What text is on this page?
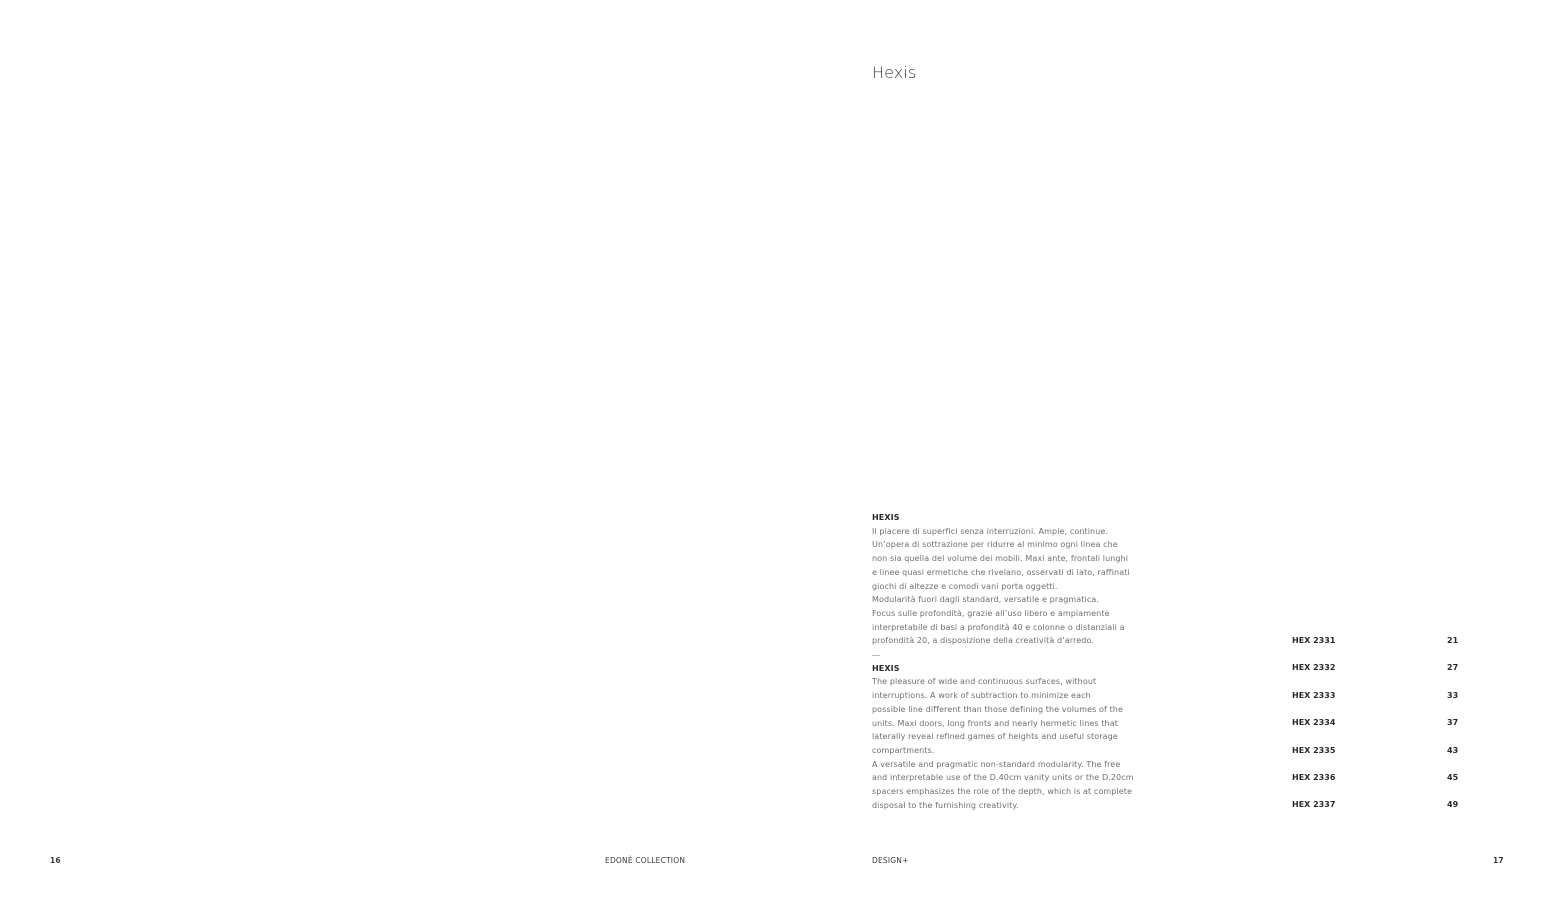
Hexis
HEXIS
Il piacere di superfici senza interruzioni. Ampie, continue.
Un’opera di sottrazione per ridurre al minimo ogni linea che
non sia quella del volume dei mobili. Maxi ante, frontali lunghi
e linee quasi ermetiche che rivelano, osservati di lato, raffinati
giochi di altezze e comodi vani porta oggetti.
Modularità fuori dagli standard, versatile e pragmatica.
Focus sulle profondità, grazie all’uso libero e ampiamente
interpretabile di basi a profondità 40 e colonne o distanziali a
profondità 20, a disposizione della creatività d’arredo.
HEXIS
The pleasure of wide and continuous surfaces, without
interruptions. A work of subtraction to minimize each
possible line different than those defining the volumes of the
units. Maxi doors, long fronts and nearly hermetic lines that
laterally reveal refined games of heights and useful storage
compartments.
A versatile and pragmatic non-standard modularity. The free
and interpretable use of the D.40cm vanity units or the D.20cm
spacers emphasizes the role of the depth, which is at complete
disposal to the furnishing creativity.
HEX 2331	21
HEX 2332	27
HEX 2333	33
HEX 2334	37
HEX 2335	43
HEX 2336	45
HEX 2337	49
16	EDONÈ COLLECTION	DESIGN+	17
